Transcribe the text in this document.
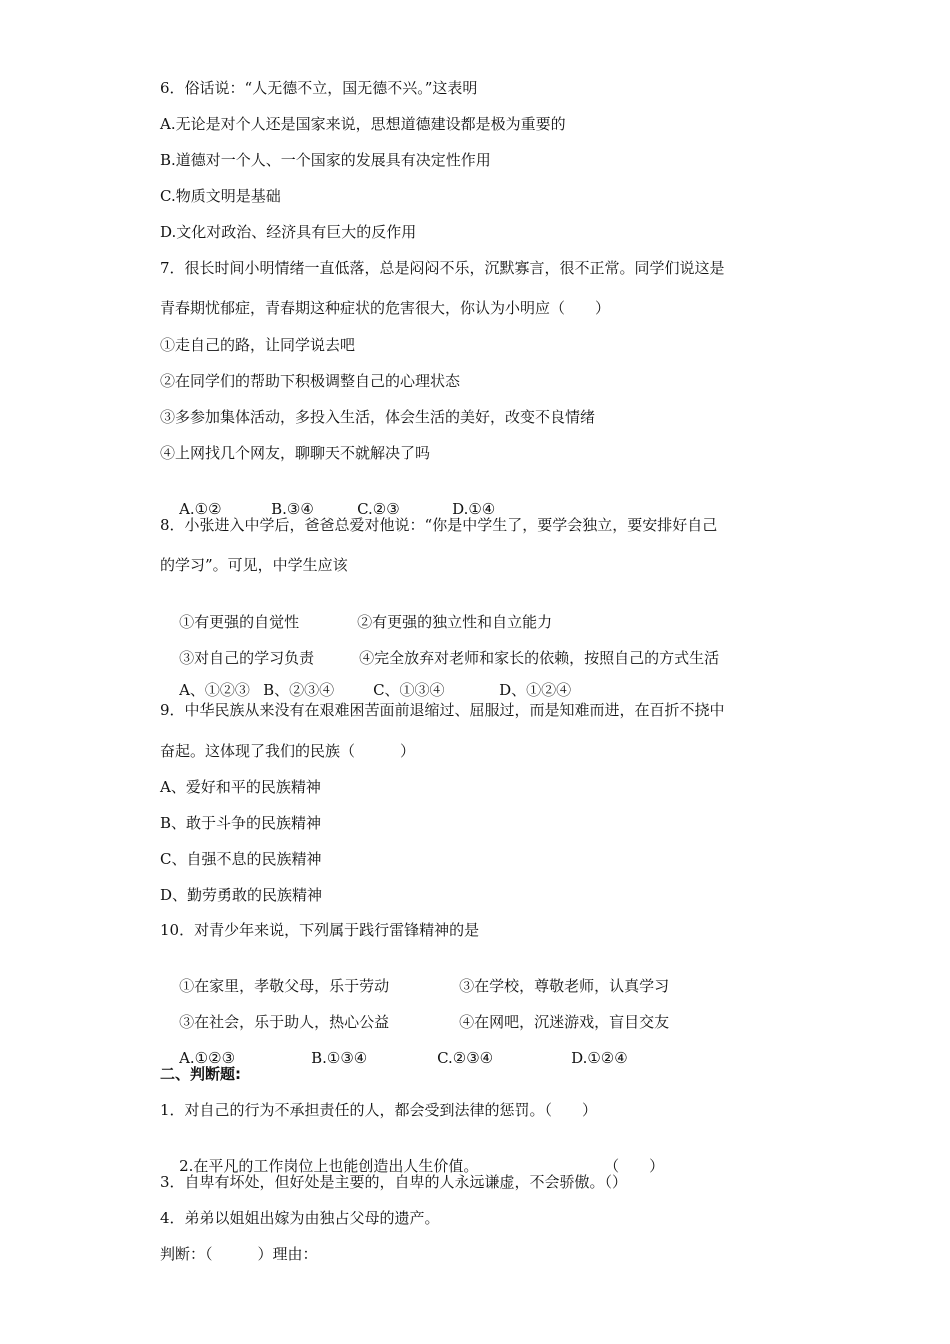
6．俗话说：“人无德不立，国无德不兴。”这表明
A.无论是对个人还是国家来说，思想道德建设都是极为重要的
B.道德对一个人、一个国家的发展具有决定性作用
C.物质文明是基础
D.文化对政治、经济具有巨大的反作用
7．很长时间小明情绪一直低落，总是闷闷不乐，沉默寡言，很不正常。同学们说这是
青春期忧郁症，青春期这种症状的危害很大，你认为小明应（　　）
①走自己的路，让同学说去吧
②在同学们的帮助下积极调整自己的心理状态
③多参加集体活动，多投入生活，体会生活的美好，改变不良情绪
④上网找几个网友，聊聊天不就解决了吗

A.①②	B.③④	C.②③	D.①④

8．小张进入中学后，爸爸总爱对他说：“你是中学生了，要学会独立，要安排好自己
的学习”。可见，中学生应该

①有更强的自觉性	②有更强的独立性和自立能力

③对自己的学习负责	④完全放弃对老师和家长的依赖，按照自己的方式生活

A、①②③ B、②③④	C、①③④	D、①②④

9．中华民族从来没有在艰难困苦面前退缩过、屈服过，而是知难而进，在百折不挠中
奋起。这体现了我们的民族（　　　）
A、爱好和平的民族精神
B、敢于斗争的民族精神
C、自强不息的民族精神
D、勤劳勇敢的民族精神
10．对青少年来说，下列属于践行雷锋精神的是

①在家里，孝敬父母，乐于劳动	③在学校，尊敬老师，认真学习

③在社会，乐于助人，热心公益	④在网吧，沉迷游戏，盲目交友

A.①②③	B.①③④	C.②③④	D.①②④

二、判断题:
1．对自己的行为不承担责任的人，都会受到法律的惩罚。（　　）

2.在平凡的工作岗位上也能创造出人生价值。	（　　）

3．自卑有坏处，但好处是主要的，自卑的人永远谦虚，不会骄傲。（）
4．弟弟以姐姐出嫁为由独占父母的遗产。
判断：（　　　）理由：
